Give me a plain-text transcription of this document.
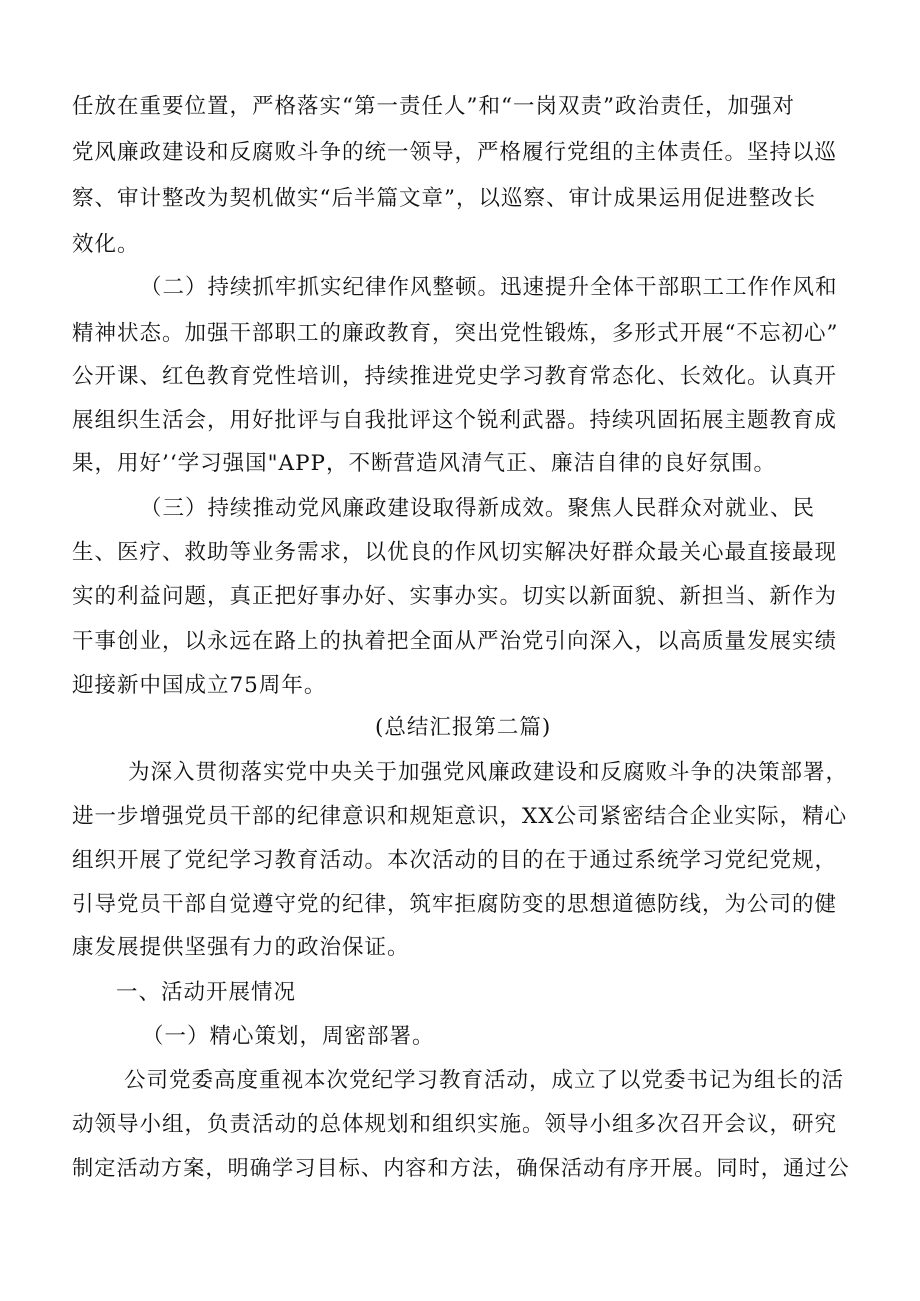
任放在重要位置，严格落实“第一责任人”和“一岗双责”政治责任，加强对
党风廉政建设和反腐败斗争的统一领导，严格履行党组的主体责任。坚持以巡
察、审计整改为契机做实“后半篇文章”，以巡察、审计成果运用促进整改长
效化。
（二）持续抓牢抓实纪律作风整顿。迅速提升全体干部职工工作作风和
精神状态。加强干部职工的廉政教育，突出党性锻炼，多形式开展“不忘初心”
公开课、红色教育党性培训，持续推进党史学习教育常态化、长效化。认真开
展组织生活会，用好批评与自我批评这个锐利武器。持续巩固拓展主题教育成
果，用好’‘学习强国"APP，不断营造风清气正、廉洁自律的良好氛围。
（三）持续推动党风廉政建设取得新成效。聚焦人民群众对就业、民
生、医疗、救助等业务需求，以优良的作风切实解决好群众最关心最直接最现
实的利益问题，真正把好事办好、实事办实。切实以新面貌、新担当、新作为
干事创业，以永远在路上的执着把全面从严治党引向深入，以高质量发展实绩
迎接新中国成立75周年。
(总结汇报第二篇)
为深入贯彻落实党中央关于加强党风廉政建设和反腐败斗争的决策部署，
进一步增强党员干部的纪律意识和规矩意识，XX公司紧密结合企业实际，精心
组织开展了党纪学习教育活动。本次活动的目的在于通过系统学习党纪党规，
引导党员干部自觉遵守党的纪律，筑牢拒腐防变的思想道德防线，为公司的健
康发展提供坚强有力的政治保证。
一、活动开展情况
（一）精心策划，周密部署。
公司党委高度重视本次党纪学习教育活动，成立了以党委书记为组长的活
动领导小组，负责活动的总体规划和组织实施。领导小组多次召开会议，研究
制定活动方案，明确学习目标、内容和方法，确保活动有序开展。同时，通过公
